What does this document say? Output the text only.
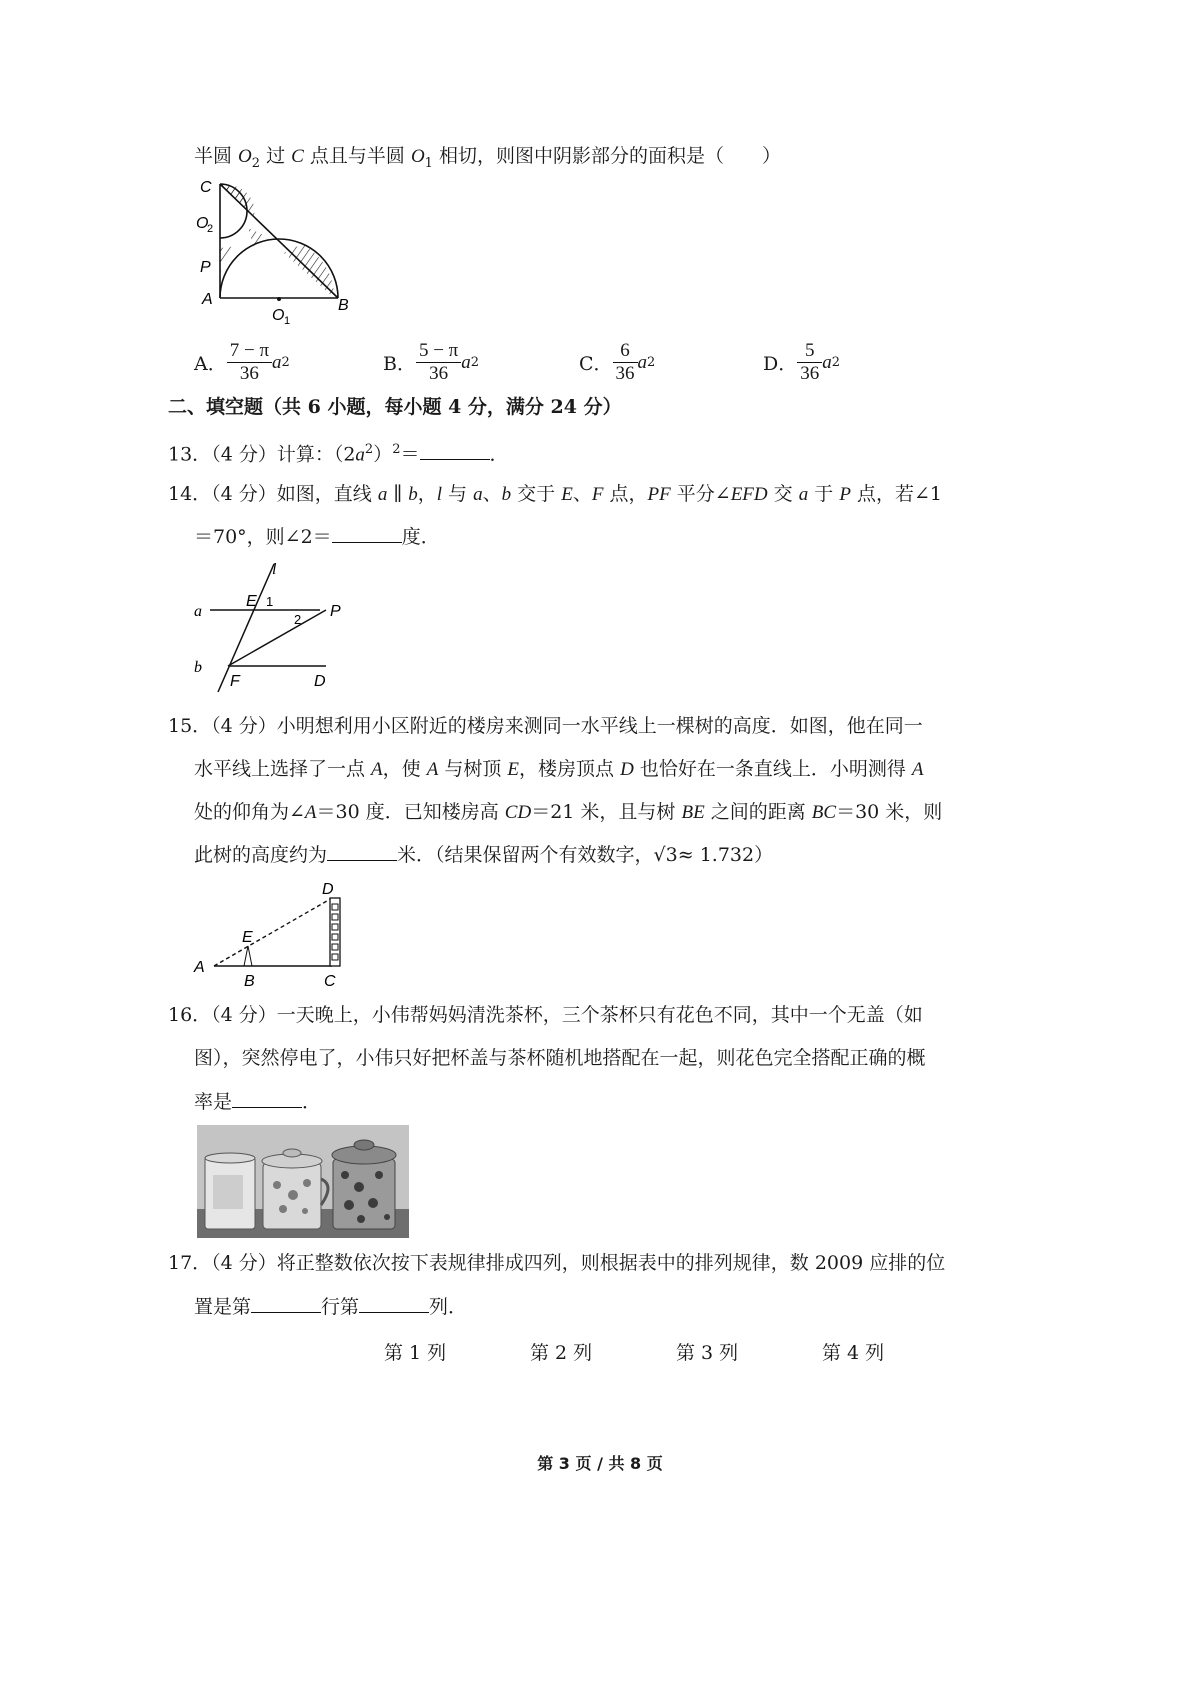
半圆 $O_2$ 过 C 点且与半圆 $O_1$ 相切，则图中阴影部分的面积是（　　）
C
O
2
P
A
O 1
B
A． $\frac{7 - \pi}{36}$ a 2	B． $\frac{5 - \pi}{36}$ a 2	C． $\frac{6}{36}$ a 2	D． $\frac{5}{36}$ a 2
二、填空题（共 6 小题，每小题 4 分，满分 24 分）
13．（4 分）计算：$(2a^2)^2=$	．
14．（4 分）如图，直线 a ∥ b，l 与 a、b 交于 E、F 点，PF 平分∠EFD 交 a 于 P 点，若∠1
＝70°，则∠2＝	度．
l
a
E 1
2 P
b
F	D
15．（4 分）小明想利用小区附近的楼房来测同一水平线上一棵树的高度．如图，他在同一
水平线上选择了一点 A，使 A 与树顶 E，楼房顶点 D 也恰好在一条直线上．小明测得 A
处的仰角为∠A＝30 度．已知楼房高 CD＝21 米，且与树 BE 之间的距离 BC＝30 米，则
此树的高度约为	米．（结果保留两个有效数字，√3≈ 1.732）
D
E
A
B	C
16．（4 分）一天晚上，小伟帮妈妈清洗茶杯，三个茶杯只有花色不同，其中一个无盖（如
图），突然停电了，小伟只好把杯盖与茶杯随机地搭配在一起，则花色完全搭配正确的概
率是	．
17．（4 分）将正整数依次按下表规律排成四列，则根据表中的排列规律，数 2009 应排的位
置是第	行第	列．
第 1 列	第 2 列	第 3 列	第 4 列
第 3 页 / 共 8 页
